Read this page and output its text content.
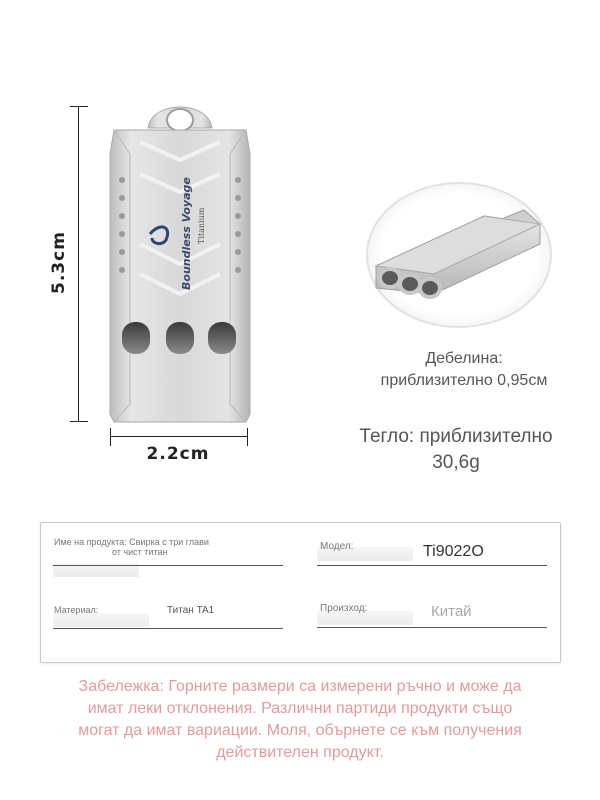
5.3cm
2.2cm
Boundless Voyage Titanium
Дебелина:
приблизително 0,95см
Тегло: приблизително
30,6g
Име на продукта: Свирка с три глави
от чист титан	Модел:	Ti9022O
Материал:	Титан TA1	Произход:	Китай
Забележка: Горните размери са измерени ръчно и може да
имат леки отклонения. Различни партиди продукти също
могат да имат вариации. Моля, обърнете се към получения
действителен продукт.
